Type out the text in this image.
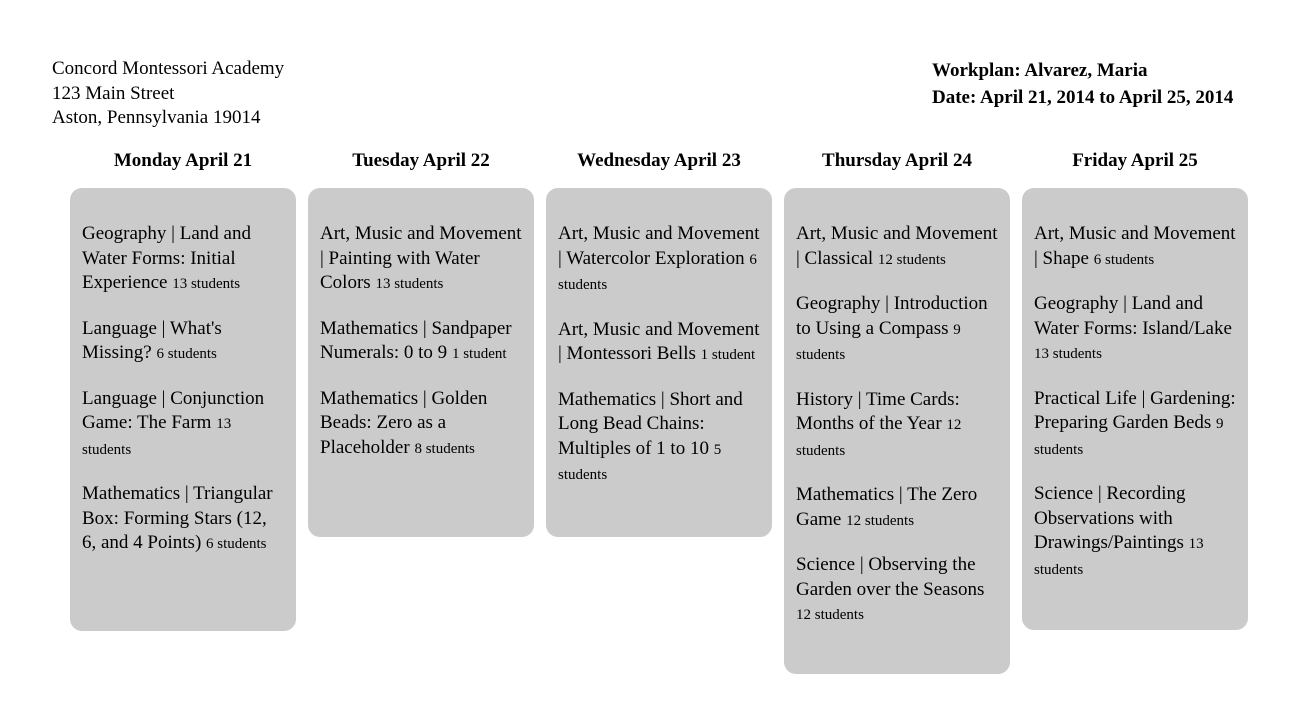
Concord Montessori Academy
123 Main Street
Aston, Pennsylvania 19014
Workplan: Alvarez, Maria
Date: April 21, 2014 to April 25, 2014
Monday April 21
Geography | Land and Water Forms: Initial Experience 13 students
Language | What's Missing? 6 students
Language | Conjunction Game: The Farm 13 students
Mathematics | Triangular Box: Forming Stars (12, 6, and 4 Points) 6 students
Tuesday April 22
Art, Music and Movement | Painting with Water Colors 13 students
Mathematics | Sandpaper Numerals: 0 to 9 1 student
Mathematics | Golden Beads: Zero as a Placeholder 8 students
Wednesday April 23
Art, Music and Movement | Watercolor Exploration 6 students
Art, Music and Movement | Montessori Bells 1 student
Mathematics | Short and Long Bead Chains: Multiples of 1 to 10 5 students
Thursday April 24
Art, Music and Movement | Classical 12 students
Geography | Introduction to Using a Compass 9 students
History | Time Cards: Months of the Year 12 students
Mathematics | The Zero Game 12 students
Science | Observing the Garden over the Seasons 12 students
Friday April 25
Art, Music and Movement | Shape 6 students
Geography | Land and Water Forms: Island/Lake 13 students
Practical Life | Gardening: Preparing Garden Beds 9 students
Science | Recording Observations with Drawings/Paintings 13 students
